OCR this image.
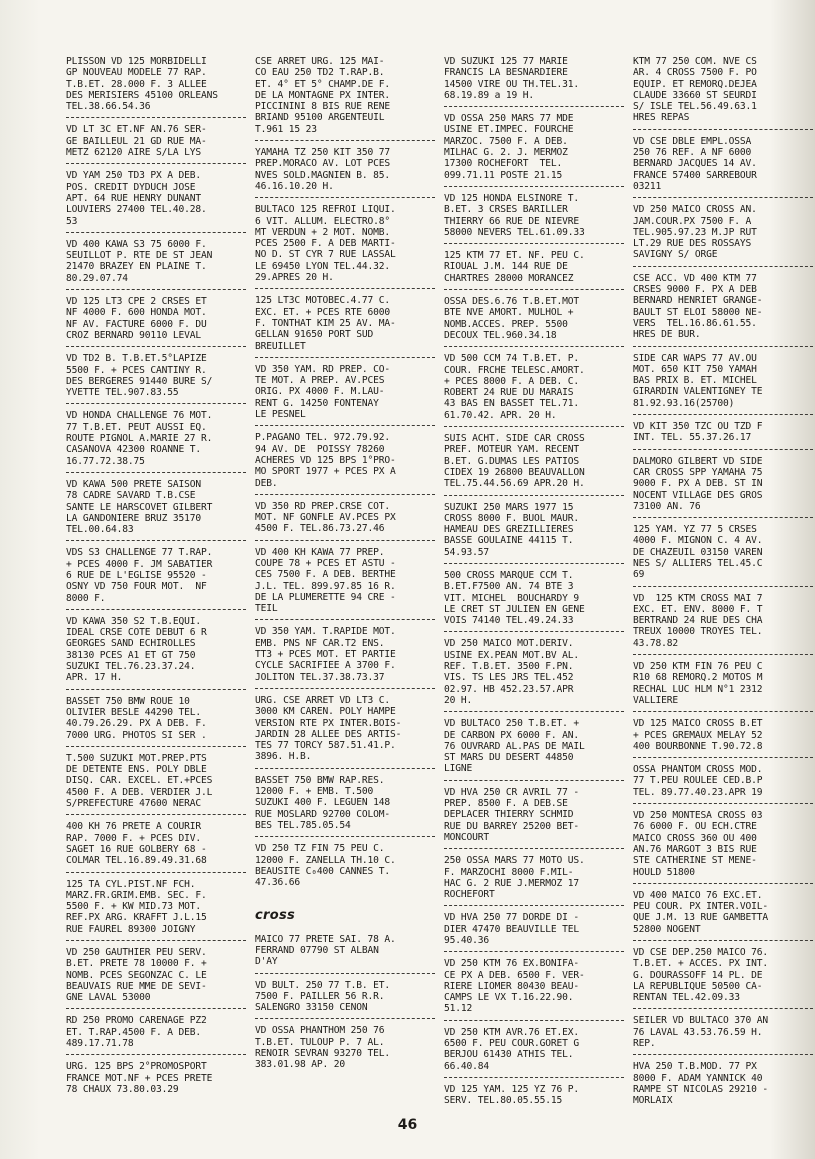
PLISSON VD 125 MORBIDELLI
GP NOUVEAU MODELE 77 RAP.
T.B.ET. 28.000 F. 3 ALLEE
DES MERISIERS 45100 ORLEANS
TEL.38.66.54.36
VD LT 3C ET.NF AN.76 SER-
GE BAILLEUL 21 GD RUE MA-
METZ 62120 AIRE S/LA LYS
VD YAM 250 TD3 PX A DEB.
POS. CREDIT DYDUCH JOSE
APT. 64 RUE HENRY DUNANT
LOUVIERS 27400 TEL.40.28.
53
VD 400 KAWA S3 75 6000 F.
SEUILLOT P. RTE DE ST JEAN
21470 BRAZEY EN PLAINE T.
80.29.07.74
VD 125 LT3 CPE 2 CRSES ET
NF 4000 F. 600 HONDA MOT.
NF AV. FACTURE 6000 F. DU
CROZ BERNARD 90110 LEVAL
VD TD2 B. T.B.ET.5°LAPIZE
5500 F. + PCES CANTINY R.
DES BERGERES 91440 BURE S/
YVETTE TEL.907.83.55
VD HONDA CHALLENGE 76 MOT.
77 T.B.ET. PEUT AUSSI EQ.
ROUTE PIGNOL A.MARIE 27 R.
CASANOVA 42300 ROANNE T.
16.77.72.38.75
VD KAWA 500 PRETE SAISON
78 CADRE SAVARD T.B.CSE
SANTE LE HARSCOVET GILBERT
LA GANDONIERE BRUZ 35170
TEL.00.64.83
VDS S3 CHALLENGE 77 T.RAP.
+ PCES 4000 F. JM SABATIER
6 RUE DE L'EGLISE 95520 -
OSNY VD 750 FOUR MOT.  NF
8000 F.
VD KAWA 350 S2 T.B.EQUI.
IDEAL CRSE COTE DEBUT 6 R
GEORGES SAND ECHIROLLES
38130 PCES A1 ET GT 750
SUZUKI TEL.76.23.37.24.
APR. 17 H.
BASSET 750 BMW ROUE 10
OLIVIER BESLE 44290 TEL.
40.79.26.29. PX A DEB. F.
7000 URG. PHOTOS SI SER .
T.500 SUZUKI MOT.PREP.PTS
DE DETENTE ENS. POLY DBLE
DISQ. CAR. EXCEL. ET.+PCES
4500 F. A DEB. VERDIER J.L
S/PREFECTURE 47600 NERAC
400 KH 76 PRETE A COURIR
RAP. 7000 F. + PCES DIV.
SAGET 16 RUE GOLBERY 68 -
COLMAR TEL.16.89.49.31.68
125 TA CYL.PIST.NF FCH.
MARZ.FR.GRIM.EMB. SEC. F.
5500 F. + KW MID.73 MOT.
REF.PX ARG. KRAFFT J.L.15
RUE FAUREL 89300 JOIGNY
VD 250 GAUTHIER PEU SERV.
B.ET. PRETE 78 10000 F. +
NOMB. PCES SEGONZAC C. LE
BEAUVAIS RUE MME DE SEVI-
GNE LAVAL 53000
RD 250 PROMO CARENAGE PZ2
ET. T.RAP.4500 F. A DEB.
489.17.71.78
URG. 125 BPS 2°PROMOSPORT
FRANCE MOT.NF + PCES PRETE
78 CHAUX 73.80.03.29
CSE ARRET URG. 125 MAI-
CO EAU 250 TD2 T.RAP.B.
ET. 4° ET 5° CHAMP.DE F.
DE LA MONTAGNE PX INTER.
PICCININI 8 BIS RUE RENE
BRIAND 95100 ARGENTEUIL
T.961 15 23
YAMAHA TZ 250 KIT 350 77
PREP.MORACO AV. LOT PCES
NVES SOLD.MAGNIEN B. 85.
46.16.10.20 H.
BULTACO 125 REFROI LIQUI.
6 VIT. ALLUM. ELECTRO.8°
MT VERDUN + 2 MOT. NOMB.
PCES 2500 F. A DEB MARTI-
NO D. ST CYR 7 RUE LASSAL
LE 69450 LYON TEL.44.32.
29.APRES 20 H.
125 LT3C MOTOBEC.4.77 C.
EXC. ET. + PCES RTE 6000
F. TONTHAT KIM 25 AV. MA-
GELLAN 91650 PORT SUD
BREUILLET
VD 350 YAM. RD PREP. CO-
TE MOT. A PREP. AV.PCES
ORIG. PX 4000 F. M.LAU-
RENT G. 14250 FONTENAY
LE PESNEL
P.PAGANO TEL. 972.79.92.
94 AV. DE  POISSY 78260
ACHERES VD 125 BPS 1°PRO-
MO SPORT 1977 + PCES PX A
DEB.
VD 350 RD PREP.CRSE COT.
MOT. NF GONFLE AV.PCES PX
4500 F. TEL.86.73.27.46
VD 400 KH KAWA 77 PREP.
COUPE 78 + PCES ET ASTU -
CES 7500 F. A DEB. BERTHE
J.L. TEL. 899.97.85 16 R.
DE LA PLUMERETTE 94 CRE -
TEIL
VD 350 YAM. T.RAPIDE MOT.
EMB. PNS NF CAR.T2 ENS.
TT3 + PCES MOT. ET PARTIE
CYCLE SACRIFIEE A 3700 F.
JOLITON TEL.37.38.73.37
URG. CSE ARRET VD LT3 C.
3000 KM CAREN. POLY HAMPE
VERSION RTE PX INTER.BOIS-
JARDIN 28 ALLEE DES ARTIS-
TES 77 TORCY 587.51.41.P.
3896. H.B.
BASSET 750 BMW RAP.RES.
12000 F. + EMB. T.500
SUZUKI 400 F. LEGUEN 148
RUE MOSLARD 92700 COLOM-
BES TEL.785.05.54
VD 250 TZ FIN 75 PEU C.
12000 F. ZANELLA TH.10 C.
BEAUSITE C₀400 CANNES T.
47.36.66
cross
MAICO 77 PRETE SAI. 78 A.
FERRAND 07790 ST ALBAN
D'AY
VD BULT. 250 77 T.B. ET.
7500 F. PAILLER 56 R.R.
SALENGRO 33150 CENON
VD OSSA PHANTHOM 250 76
T.B.ET. TULOUP P. 7 AL.
RENOIR SEVRAN 93270 TEL.
383.01.98 AP. 20
VD SUZUKI 125 77 MARIE
FRANCIS LA BESNARDIERE
14500 VIRE OU TH.TEL.31.
68.19.89 a 19 H.
VD OSSA 250 MARS 77 MDE
USINE ET.IMPEC. FOURCHE
MARZOC. 7500 F. A DEB.
MILHAC G. 2. J. MERMOZ
17300 ROCHEFORT  TEL.
099.71.11 POSTE 21.15
VD 125 HONDA ELSINORE T.
B.ET. 3 CRSES BARILLER
THIERRY 66 RUE DE NIEVRE
58000 NEVERS TEL.61.09.33
125 KTM 77 ET. NF. PEU C.
RIOUAL J.M. 144 RUE DE
CHARTRES 28000 MORANCEZ
OSSA DES.6.76 T.B.ET.MOT
BTE NVE AMORT. MULHOL +
NOMB.ACCES. PREP. 5500
DECOUX TEL.960.34.18
VD 500 CCM 74 T.B.ET. P.
COUR. FRCHE TELESC.AMORT.
+ PCES 8000 F. A DEB. C.
ROBERT 24 RUE DU MARAIS
43 BAS EN BASSET TEL.71.
61.70.42. APR. 20 H.
SUIS ACHT. SIDE CAR CROSS
PREF. MOTEUR YAM. RECENT
B.ET. G.DUMAS LES PATIOS
CIDEX 19 26800 BEAUVALLON
TEL.75.44.56.69 APR.20 H.
SUZUKI 250 MARS 1977 15
CROSS 8000 F. BUOL MAUR.
HAMEAU DES GREZILLIERES
BASSE GOULAINE 44115 T.
54.93.57
500 CROSS MARQUE CCM T.
B.ET.F7500 AN. 74 BTE 3
VIT. MICHEL  BOUCHARDY 9
LE CRET ST JULIEN EN GENE
VOIS 74140 TEL.49.24.33
VD 250 MAICO MOT.DERIV.
USINE EX.PEAN MOT.BV AL.
REF. T.B.ET. 3500 F.PN.
VIS. TS LES JRS TEL.452
02.97. HB 452.23.57.APR
20 H.
VD BULTACO 250 T.B.ET. +
DE CARBON PX 6000 F. AN.
76 OUVRARD AL.PAS DE MAIL
ST MARS DU DESERT 44850
LIGNE
VD HVA 250 CR AVRIL 77 -
PREP. 8500 F. A DEB.SE
DEPLACER THIERRY SCHMID
RUE DU BARREY 25200 BET-
MONCOURT
250 OSSA MARS 77 MOTO US.
F. MARZOCHI 8000 F.MIL-
HAC G. 2 RUE J.MERMOZ 17
ROCHEFORT
VD HVA 250 77 DORDE DI -
DIER 47470 BEAUVILLE TEL
95.40.36
VD 250 KTM 76 EX.BONIFA-
CE PX A DEB. 6500 F. VER-
RIERE LIOMER 80430 BEAU-
CAMPS LE VX T.16.22.90.
51.12
VD 250 KTM AVR.76 ET.EX.
6500 F. PEU COUR.GORET G
BERJOU 61430 ATHIS TEL.
66.40.84
VD 125 YAM. 125 YZ 76 P.
SERV. TEL.80.05.55.15
KTM 77 250 COM. NVE CS
AR. 4 CROSS 7500 F. PO
EQUIP. ET REMORQ.DEJEA
CLAUDE 33660 ST SEURDI
S/ ISLE TEL.56.49.63.1
HRES REPAS
VD CSE DBLE EMPL.OSSA
250 76 REF. A NF 6000
BERNARD JACQUES 14 AV.
FRANCE 57400 SARREBOUR
03211
VD 250 MAICO CROSS AN.
JAM.COUR.PX 7500 F. A
TEL.905.97.23 M.JP RUT
LT.29 RUE DES ROSSAYS
SAVIGNY S/ ORGE
CSE ACC. VD 400 KTM 77
CRSES 9000 F. PX A DEB
BERNARD HENRIET GRANGE-
BAULT ST ELOI 58000 NE-
VERS  TEL.16.86.61.55.
HRES DE BUR.
SIDE CAR WAPS 77 AV.OU
MOT. 650 KIT 750 YAMAH
BAS PRIX B. ET. MICHEL
GIRARDIN VALENTIGNEY TE
81.92.93.16(25700)
VD KIT 350 TZC OU TZD F
INT. TEL. 55.37.26.17
DALMORO GILBERT VD SIDE
CAR CROSS SPP YAMAHA 75
9000 F. PX A DEB. ST IN
NOCENT VILLAGE DES GROS
73100 AN. 76
125 YAM. YZ 77 5 CRSES
4000 F. MIGNON C. 4 AV.
DE CHAZEUIL 03150 VAREN
NES S/ ALLIERS TEL.45.C
69
VD  125 KTM CROSS MAI 7
EXC. ET. ENV. 8000 F. T
BERTRAND 24 RUE DES CHA
TREUX 10000 TROYES TEL.
43.78.82
VD 250 KTM FIN 76 PEU C
R10 68 REMORQ.2 MOTOS M
RECHAL LUC HLM N°1 2312
VALLIERE
VD 125 MAICO CROSS B.ET
+ PCES GREMAUX MELAY 52
400 BOURBONNE T.90.72.8
OSSA PHANTOM CROSS MOD.
77 T.PEU ROULEE CED.B.P
TEL. 89.77.40.23.APR 19
VD 250 MONTESA CROSS 03
76 6000 F. OU ECH.CTRE
MAICO CROSS 360 OU 400
AN.76 MARGOT 3 BIS RUE
STE CATHERINE ST MENE-
HOULD 51800
VD 400 MAICO 76 EXC.ET.
PEU COUR. PX INTER.VOIL-
QUE J.M. 13 RUE GAMBETTA
52800 NOGENT
VD CSE DEP.250 MAICO 76.
T.B.ET. + ACCES. PX INT.
G. DOURASSOFF 14 PL. DE
LA REPUBLIQUE 50500 CA-
RENTAN TEL.42.09.33
SEILER VD BULTACO 370 AN
76 LAVAL 43.53.76.59 H.
REP.
HVA 250 T.B.MOD. 77 PX
8000 F. ADAM YANNICK 40
RAMPE ST NICOLAS 29210 -
MORLAIX
46
